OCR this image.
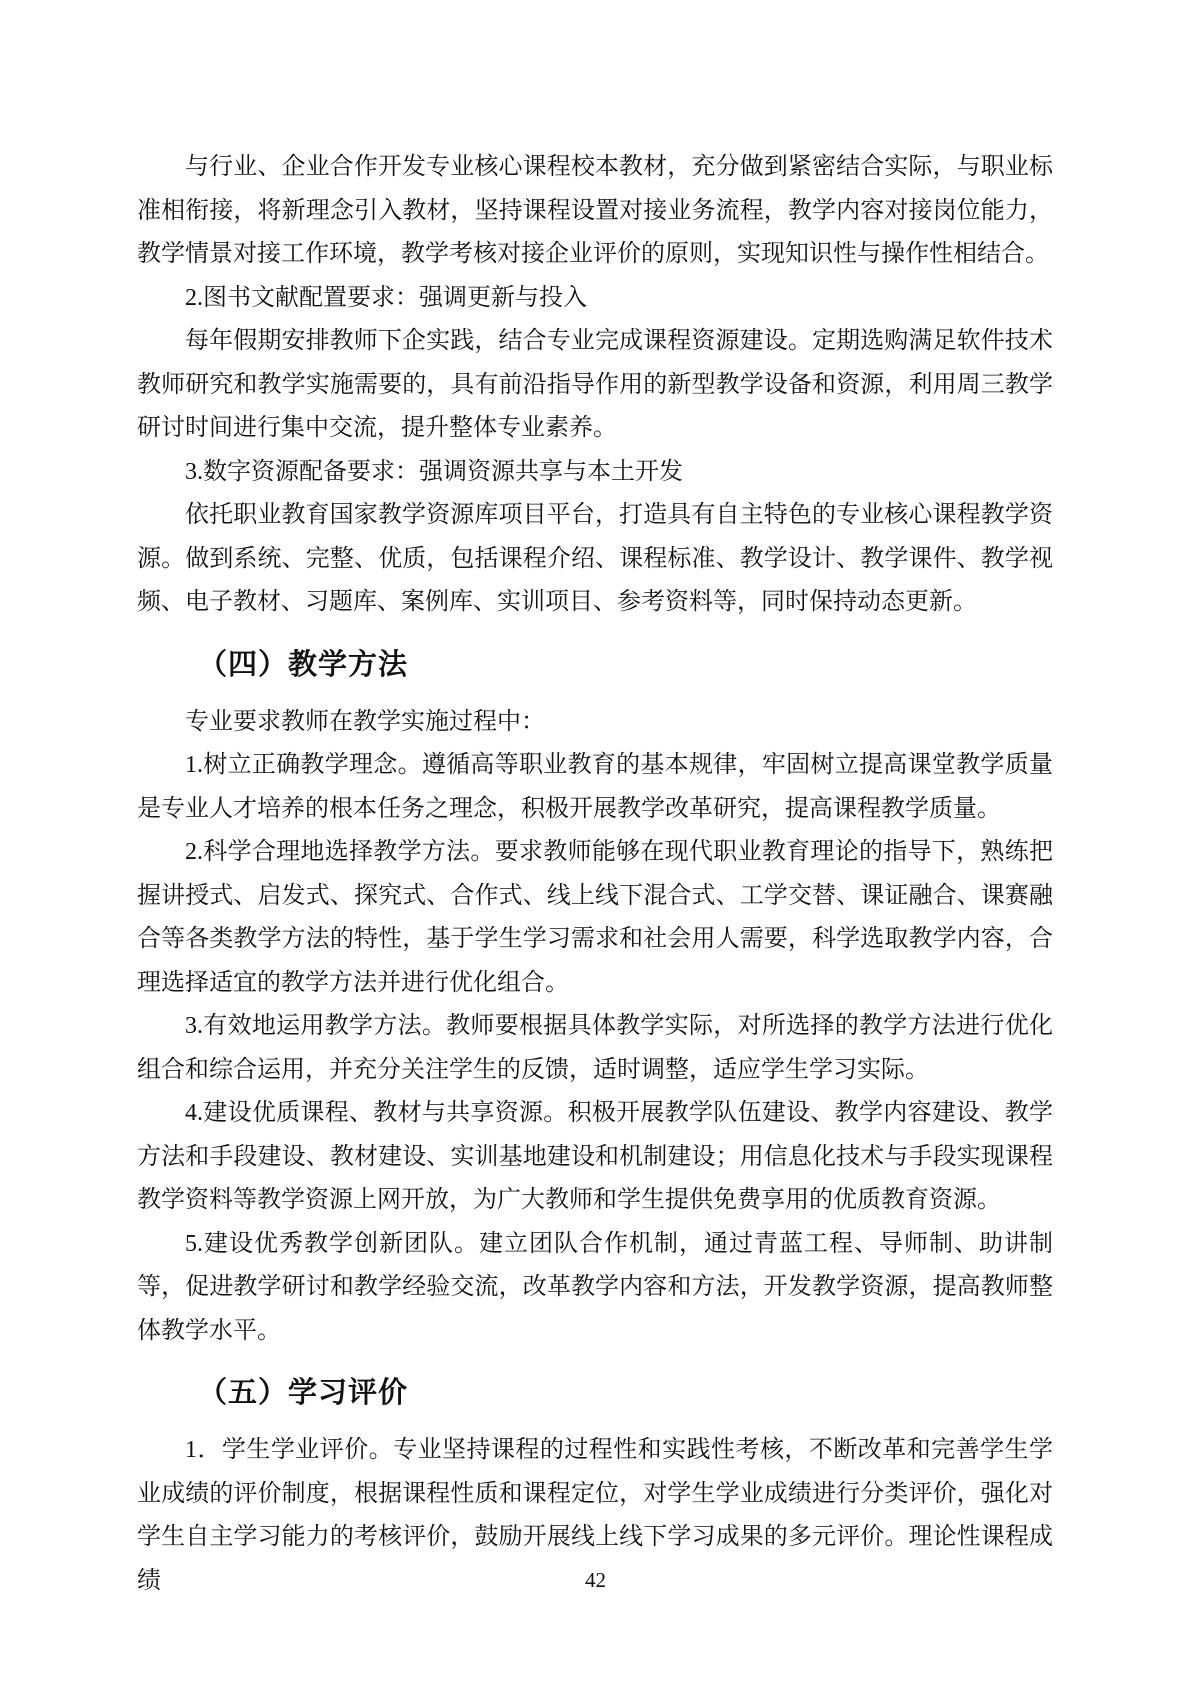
与行业、企业合作开发专业核心课程校本教材，充分做到紧密结合实际，与职业标准相衔接，将新理念引入教材，坚持课程设置对接业务流程，教学内容对接岗位能力，教学情景对接工作环境，教学考核对接企业评价的原则，实现知识性与操作性相结合。

2.图书文献配置要求：强调更新与投入

每年假期安排教师下企实践，结合专业完成课程资源建设。定期选购满足软件技术教师研究和教学实施需要的，具有前沿指导作用的新型教学设备和资源，利用周三教学研讨时间进行集中交流，提升整体专业素养。

3.数字资源配备要求：强调资源共享与本土开发

依托职业教育国家教学资源库项目平台，打造具有自主特色的专业核心课程教学资源。做到系统、完整、优质，包括课程介绍、课程标准、教学设计、教学课件、教学视频、电子教材、习题库、案例库、实训项目、参考资料等，同时保持动态更新。

（四）教学方法

专业要求教师在教学实施过程中：

1.树立正确教学理念。遵循高等职业教育的基本规律，牢固树立提高课堂教学质量是专业人才培养的根本任务之理念，积极开展教学改革研究，提高课程教学质量。

2.科学合理地选择教学方法。要求教师能够在现代职业教育理论的指导下，熟练把握讲授式、启发式、探究式、合作式、线上线下混合式、工学交替、课证融合、课赛融合等各类教学方法的特性，基于学生学习需求和社会用人需要，科学选取教学内容，合理选择适宜的教学方法并进行优化组合。

3.有效地运用教学方法。教师要根据具体教学实际，对所选择的教学方法进行优化组合和综合运用，并充分关注学生的反馈，适时调整，适应学生学习实际。

4.建设优质课程、教材与共享资源。积极开展教学队伍建设、教学内容建设、教学方法和手段建设、教材建设、实训基地建设和机制建设；用信息化技术与手段实现课程教学资料等教学资源上网开放，为广大教师和学生提供免费享用的优质教育资源。

5.建设优秀教学创新团队。建立团队合作机制，通过青蓝工程、导师制、助讲制等，促进教学研讨和教学经验交流，改革教学内容和方法，开发教学资源，提高教师整体教学水平。

（五）学习评价

1．学生学业评价。专业坚持课程的过程性和实践性考核，不断改革和完善学生学业成绩的评价制度，根据课程性质和课程定位，对学生学业成绩进行分类评价，强化对学生自主学习能力的考核评价，鼓励开展线上线下学习成果的多元评价。理论性课程成绩	42
